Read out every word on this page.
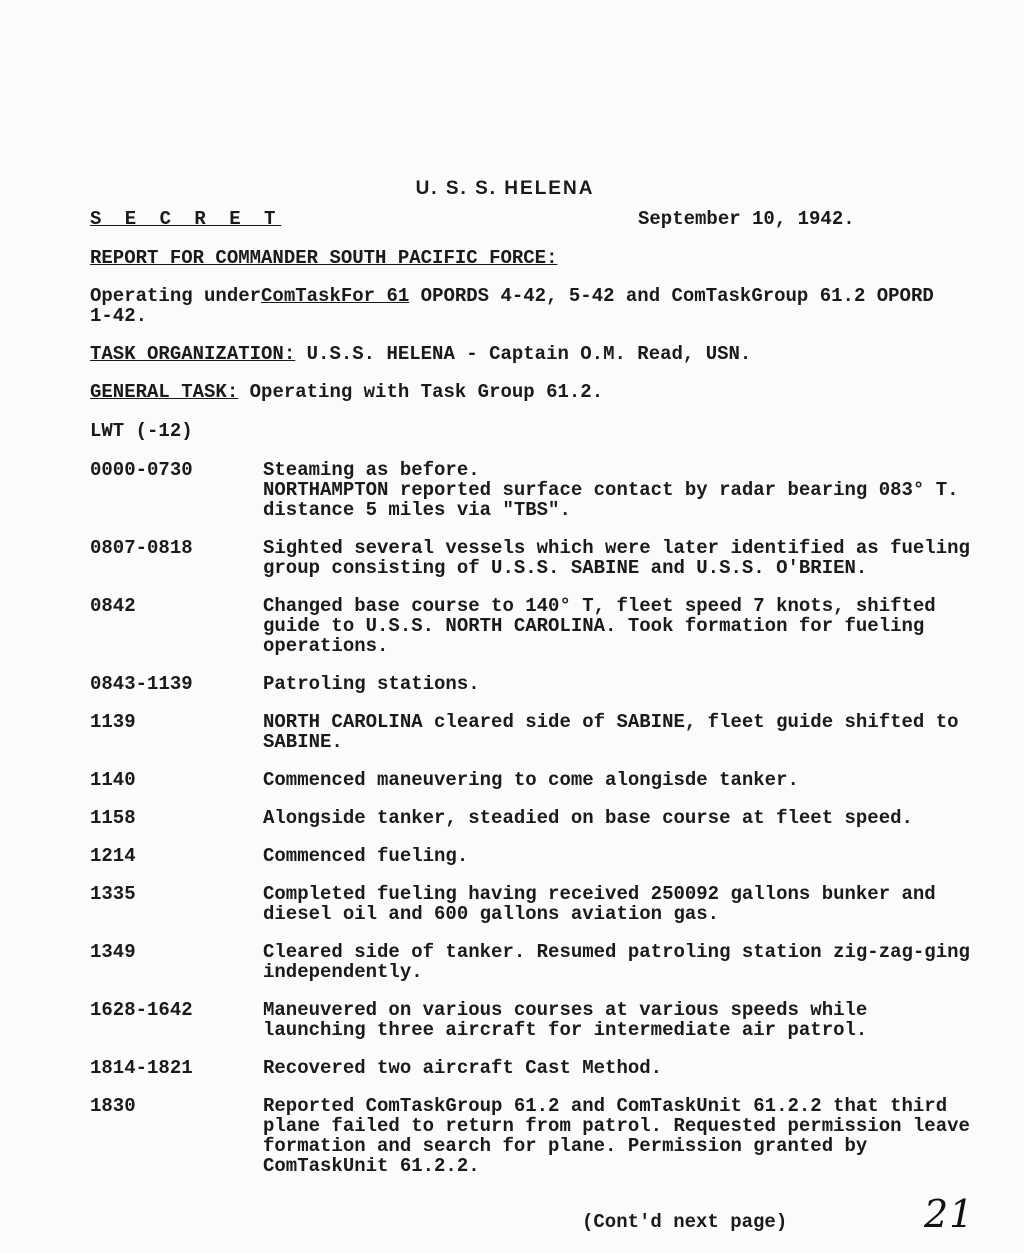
U. S. S. HELENA
S E C R E T	September 10, 1942.
REPORT FOR COMMANDER SOUTH PACIFIC FORCE:
Operating underComTaskFor 61 OPORDS 4-42, 5-42 and ComTaskGroup 61.2 OPORD 1-42.
TASK ORGANIZATION: U.S.S. HELENA - Captain O.M. Read, USN.
GENERAL TASK: Operating with Task Group 61.2.
LWT (-12)
0000-0730	Steaming as before.
NORTHAMPTON reported surface contact by radar bearing 083° T. distance 5 miles via "TBS".
0807-0818	Sighted several vessels which were later identified as fueling group consisting of U.S.S. SABINE and U.S.S. O'BRIEN.
0842	Changed base course to 140° T, fleet speed 7 knots, shifted guide to U.S.S. NORTH CAROLINA. Took formation for fueling operations.
0843-1139	Patroling stations.
1139	NORTH CAROLINA cleared side of SABINE, fleet guide shifted to SABINE.
1140	Commenced maneuvering to come alongisde tanker.
1158	Alongside tanker, steadied on base course at fleet speed.
1214	Commenced fueling.
1335	Completed fueling having received 250092 gallons bunker and diesel oil and 600 gallons aviation gas.
1349	Cleared side of tanker. Resumed patroling station zig-zag-ging independently.
1628-1642	Maneuvered on various courses at various speeds while launching three aircraft for intermediate air patrol.
1814-1821	Recovered two aircraft Cast Method.
1830	Reported ComTaskGroup 61.2 and ComTaskUnit 61.2.2 that third plane failed to return from patrol. Requested permission leave formation and search for plane. Permission granted by ComTaskUnit 61.2.2.
(Cont'd next page)	21
